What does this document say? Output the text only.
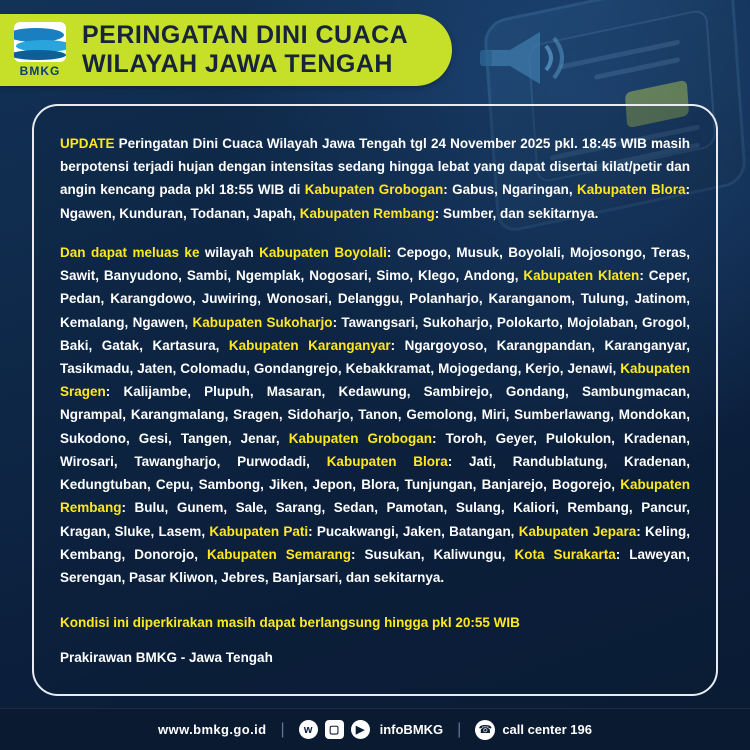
BMKG
PERINGATAN DINI CUACA
WILAYAH JAWA TENGAH

UPDATE Peringatan Dini Cuaca Wilayah Jawa Tengah tgl 24 November 2025 pkl. 18:45 WIB masih berpotensi terjadi hujan dengan intensitas sedang hingga lebat yang dapat disertai kilat/petir dan angin kencang pada pkl 18:55 WIB di Kabupaten Grobogan: Gabus, Ngaringan, Kabupaten Blora: Ngawen, Kunduran, Todanan, Japah, Kabupaten Rembang: Sumber, dan sekitarnya.

Dan dapat meluas ke wilayah Kabupaten Boyolali: Cepogo, Musuk, Boyolali, Mojosongo, Teras, Sawit, Banyudono, Sambi, Ngemplak, Nogosari, Simo, Klego, Andong, Kabupaten Klaten: Ceper, Pedan, Karangdowo, Juwiring, Wonosari, Delanggu, Polanharjo, Karanganom, Tulung, Jatinom, Kemalang, Ngawen, Kabupaten Sukoharjo: Tawangsari, Sukoharjo, Polokarto, Mojolaban, Grogol, Baki, Gatak, Kartasura, Kabupaten Karanganyar: Ngargoyoso, Karangpandan, Karanganyar, Tasikmadu, Jaten, Colomadu, Gondangrejo, Kebakkramat, Mojogedang, Kerjo, Jenawi, Kabupaten Sragen: Kalijambe, Plupuh, Masaran, Kedawung, Sambirejo, Gondang, Sambungmacan, Ngrampal, Karangmalang, Sragen, Sidoharjo, Tanon, Gemolong, Miri, Sumberlawang, Mondokan, Sukodono, Gesi, Tangen, Jenar, Kabupaten Grobogan: Toroh, Geyer, Pulokulon, Kradenan, Wirosari, Tawangharjo, Purwodadi, Kabupaten Blora: Jati, Randublatung, Kradenan, Kedungtuban, Cepu, Sambong, Jiken, Jepon, Blora, Tunjungan, Banjarejo, Bogorejo, Kabupaten Rembang: Bulu, Gunem, Sale, Sarang, Sedan, Pamotan, Sulang, Kaliori, Rembang, Pancur, Kragan, Sluke, Lasem, Kabupaten Pati: Pucakwangi, Jaken, Batangan, Kabupaten Jepara: Keling, Kembang, Donorojo, Kabupaten Semarang: Susukan, Kaliwungu, Kota Surakarta: Laweyan, Serengan, Pasar Kliwon, Jebres, Banjarsari, dan sekitarnya.

Kondisi ini diperkirakan masih dapat berlangsung hingga pkl 20:55 WIB

Prakirawan BMKG - Jawa Tengah

www.bmkg.go.id |	w	▢	▶	infoBMKG | ☎ call center 196
